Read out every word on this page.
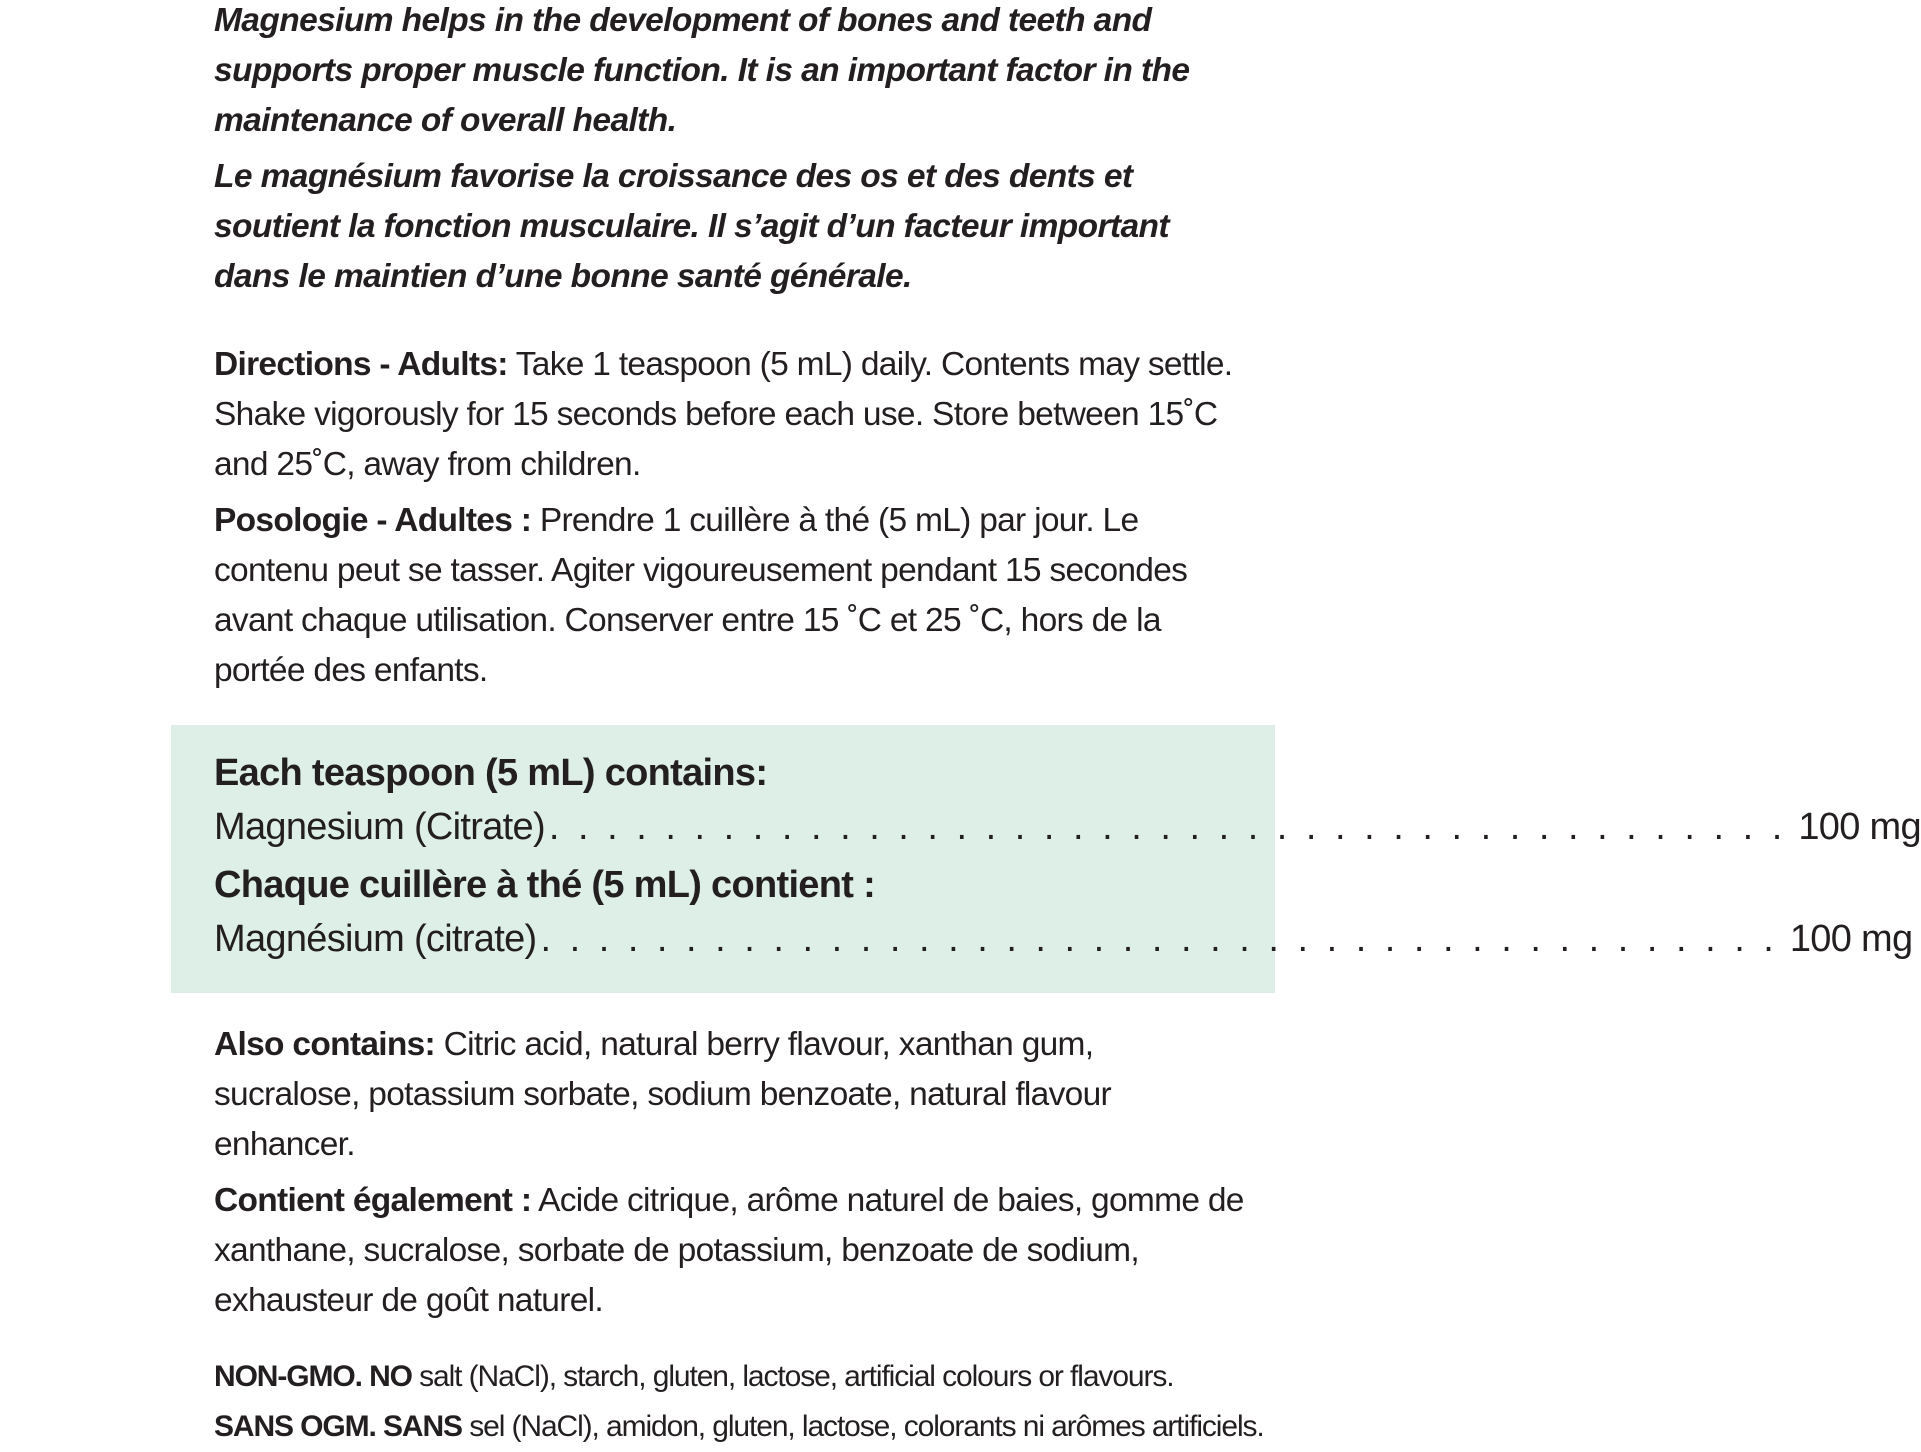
Magnesium helps in the development of bones and teeth and supports proper muscle function. It is an important factor in the maintenance of overall health.

Le magnésium favorise la croissance des os et des dents et soutient la fonction musculaire. Il s’agit d’un facteur important dans le maintien d’une bonne santé générale.

Directions - Adults: Take 1 teaspoon (5 mL) daily. Contents may settle. Shake vigorously for 15 seconds before each use. Store between 15˚C and 25˚C, away from children.

Posologie - Adultes : Prendre 1 cuillère à thé (5 mL) par jour. Le contenu peut se tasser. Agiter vigoureusement pendant 15 secondes avant chaque utilisation. Conserver entre 15 ˚C et 25 ˚C, hors de la portée des enfants.

Each teaspoon (5 mL) contains:
Magnesium (Citrate) . . . . . . . . . . . . . . . . . . . . . . . . . . . . . . . . . . . . . . . . . . . 100 mg
Chaque cuillère à thé (5 mL) contient :
Magnésium (citrate) . . . . . . . . . . . . . . . . . . . . . . . . . . . . . . . . . . . . . . . . . . . 100 mg

Also contains: Citric acid, natural berry flavour, xanthan gum, sucralose, potassium sorbate, sodium benzoate, natural flavour enhancer.

Contient également : Acide citrique, arôme naturel de baies, gomme de xanthane, sucralose, sorbate de potassium, benzoate de sodium, exhausteur de goût naturel.

NON-GMO. NO salt (NaCl), starch, gluten, lactose, artificial colours or flavours.

SANS OGM. SANS sel (NaCl), amidon, gluten, lactose, colorants ni arômes artificiels.
